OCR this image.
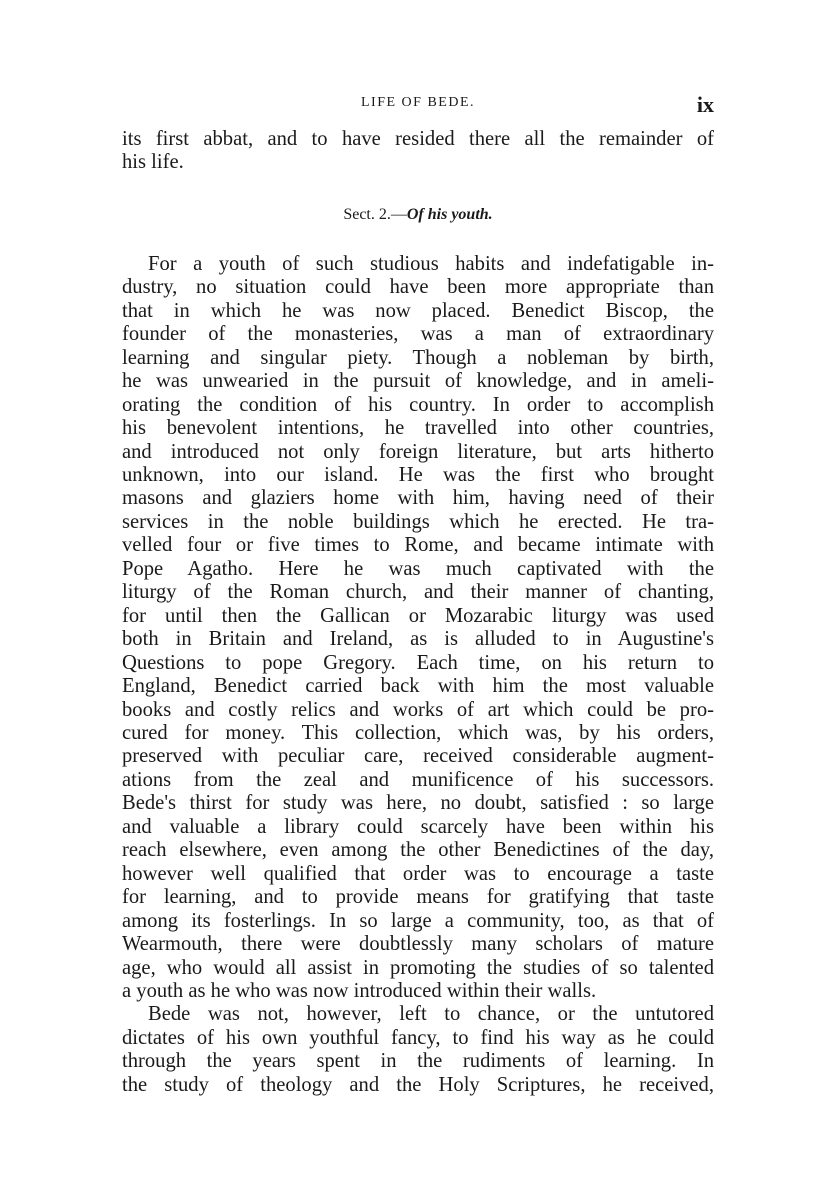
LIFE OF BEDE.	ix
its first abbat, and to have resided there all the remainder of
his life.
Sect. 2.—Of his youth.
For a youth of such studious habits and indefatigable in-
dustry, no situation could have been more appropriate than
that in which he was now placed. Benedict Biscop, the
founder of the monasteries, was a man of extraordinary
learning and singular piety. Though a nobleman by birth,
he was unwearied in the pursuit of knowledge, and in ameli-
orating the condition of his country. In order to accomplish
his benevolent intentions, he travelled into other countries,
and introduced not only foreign literature, but arts hitherto
unknown, into our island. He was the first who brought
masons and glaziers home with him, having need of their
services in the noble buildings which he erected. He tra-
velled four or five times to Rome, and became intimate with
Pope Agatho. Here he was much captivated with the
liturgy of the Roman church, and their manner of chanting,
for until then the Gallican or Mozarabic liturgy was used
both in Britain and Ireland, as is alluded to in Augustine's
Questions to pope Gregory. Each time, on his return to
England, Benedict carried back with him the most valuable
books and costly relics and works of art which could be pro-
cured for money. This collection, which was, by his orders,
preserved with peculiar care, received considerable augment-
ations from the zeal and munificence of his successors.
Bede's thirst for study was here, no doubt, satisfied : so large
and valuable a library could scarcely have been within his
reach elsewhere, even among the other Benedictines of the day,
however well qualified that order was to encourage a taste
for learning, and to provide means for gratifying that taste
among its fosterlings. In so large a community, too, as that of
Wearmouth, there were doubtlessly many scholars of mature
age, who would all assist in promoting the studies of so talented
a youth as he who was now introduced within their walls.
Bede was not, however, left to chance, or the untutored
dictates of his own youthful fancy, to find his way as he could
through the years spent in the rudiments of learning. In
the study of theology and the Holy Scriptures, he received,
